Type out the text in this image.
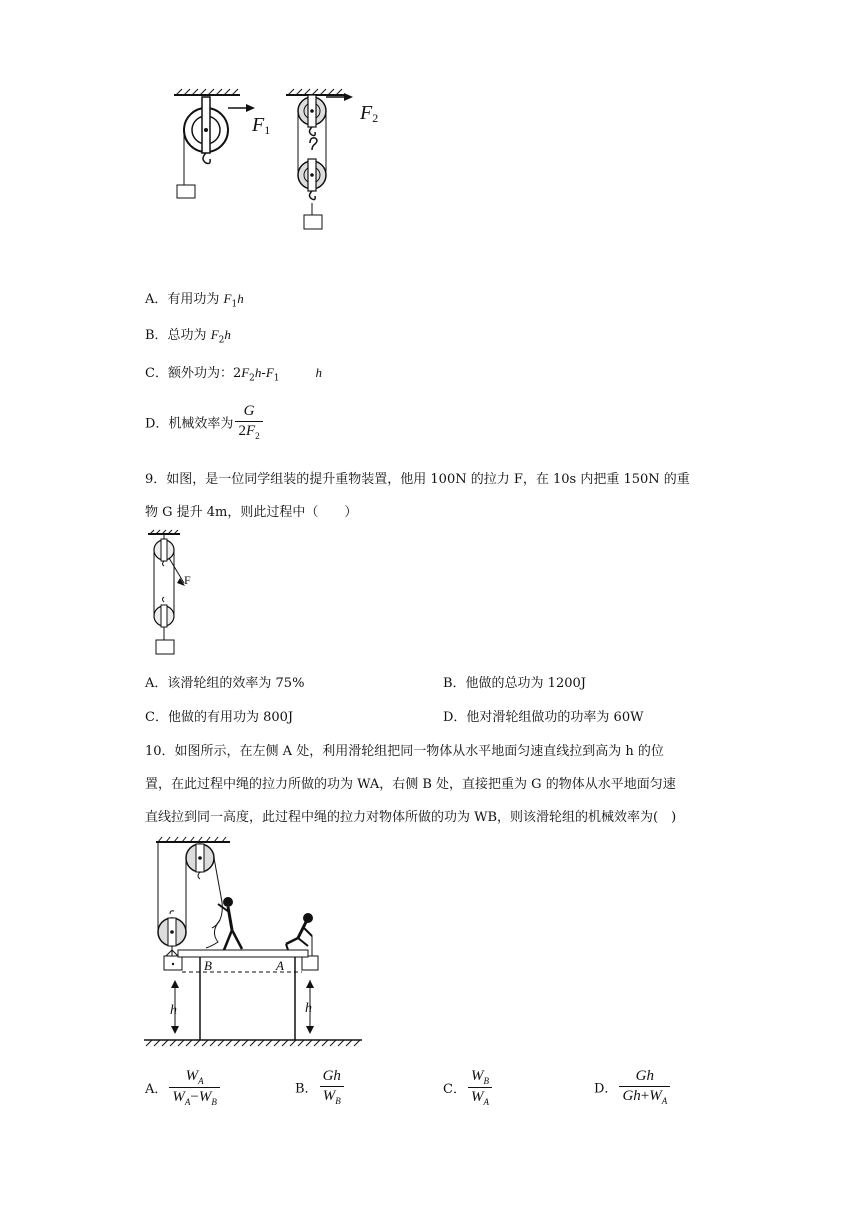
F1
F2
A．有用功为 $F_1h$
B．总功为 $F_2h$
C．额外功为：$2F_2h-F_1$	h
D．机械效率为 $\frac{G}{2F_2}$
9．如图，是一位同学组装的提升重物装置，他用 100N 的拉力 F，在 10s 内把重 150N 的重
物 G 提升 4m，则此过程中（　　）
F
A．该滑轮组的效率为 75%	B．他做的总功为 1200J
C．他做的有用功为 800J	D．他对滑轮组做功的功率为 60W
10．如图所示，在左侧 A 处，利用滑轮组把同一物体从水平地面匀速直线拉到高为 h 的位
置，在此过程中绳的拉力所做的功为 WA，右侧 B 处，直接把重为 G 的物体从水平地面匀速
直线拉到同一高度，此过程中绳的拉力对物体所做的功为 WB，则该滑轮组的机械效率为(　)
h	h
B	A
A． $\frac{W_A}{W_A-W_B}$	B． $\frac{Gh}{W_B}$	C． $\frac{W_B}{W_A}$	D． $\frac{Gh}{Gh+W_A}$
